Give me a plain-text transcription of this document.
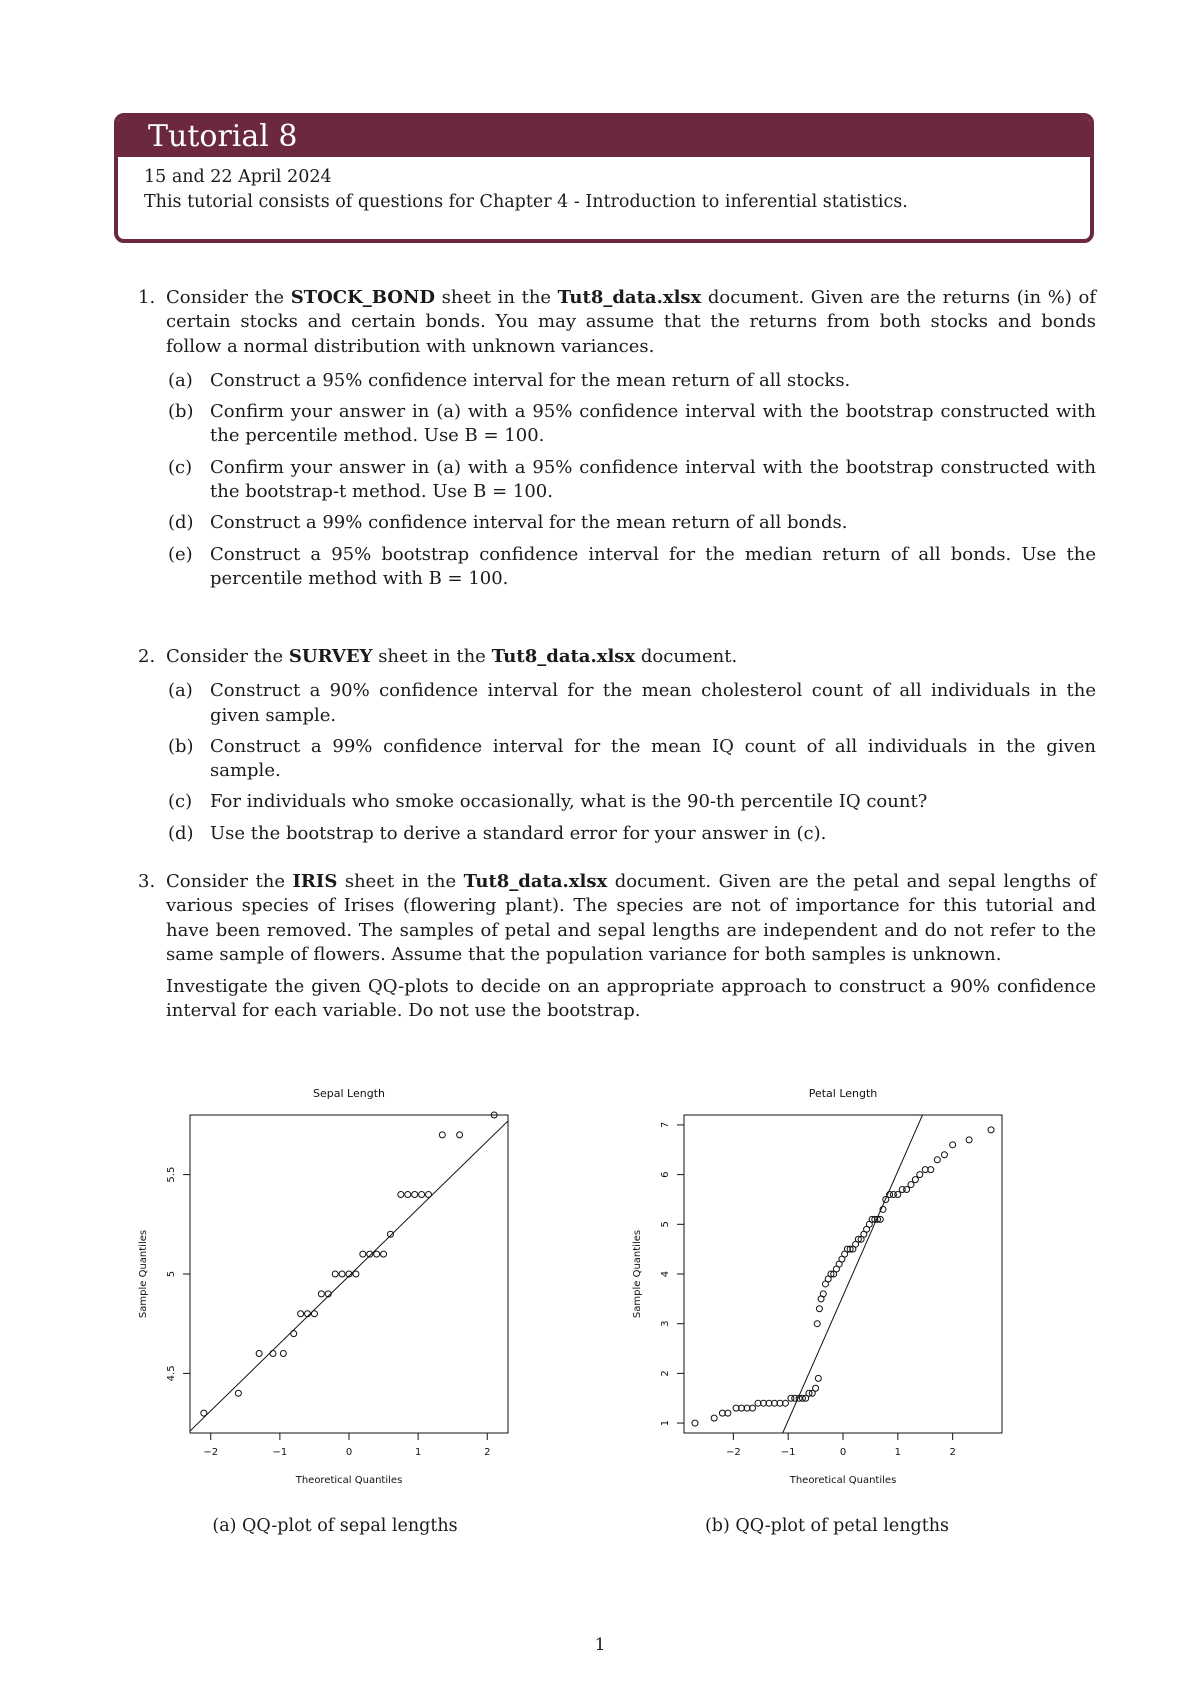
Tutorial 8
15 and 22 April 2024
This tutorial consists of questions for Chapter 4 - Introduction to inferential statistics.
1. Consider the STOCK_BOND sheet in the Tut8_data.xlsx document. Given are the returns (in %) of certain stocks and certain bonds. You may assume that the returns from both stocks and bonds follow a normal distribution with unknown variances.
(a) Construct a 95% confidence interval for the mean return of all stocks.
(b) Confirm your answer in (a) with a 95% confidence interval with the bootstrap constructed with the percentile method. Use B = 100.
(c) Confirm your answer in (a) with a 95% confidence interval with the bootstrap constructed with the bootstrap-t method. Use B = 100.
(d) Construct a 99% confidence interval for the mean return of all bonds.
(e) Construct a 95% bootstrap confidence interval for the median return of all bonds. Use the percentile method with B = 100.
2. Consider the SURVEY sheet in the Tut8_data.xlsx document.
(a) Construct a 90% confidence interval for the mean cholesterol count of all individuals in the given sample.
(b) Construct a 99% confidence interval for the mean IQ count of all individuals in the given sample.
(c) For individuals who smoke occasionally, what is the 90-th percentile IQ count?
(d) Use the bootstrap to derive a standard error for your answer in (c).
3. Consider the IRIS sheet in the Tut8_data.xlsx document. Given are the petal and sepal lengths of various species of Irises (flowering plant). The species are not of importance for this tutorial and have been removed. The samples of petal and sepal lengths are independent and do not refer to the same sample of flowers. Assume that the population variance for both samples is unknown.
Investigate the given QQ-plots to decide on an appropriate approach to construct a 90% confidence interval for each variable. Do not use the bootstrap.
Sepal Length
−2	−1	0	1	2
4.5
5
5.5
Theoretical Quantiles
Sample Quantiles
(a) QQ-plot of sepal lengths
Petal Length
−2	−1	0	1	2
1
2
3
4
5
6
7
Theoretical Quantiles
Sample Quantiles
(b) QQ-plot of petal lengths
1
